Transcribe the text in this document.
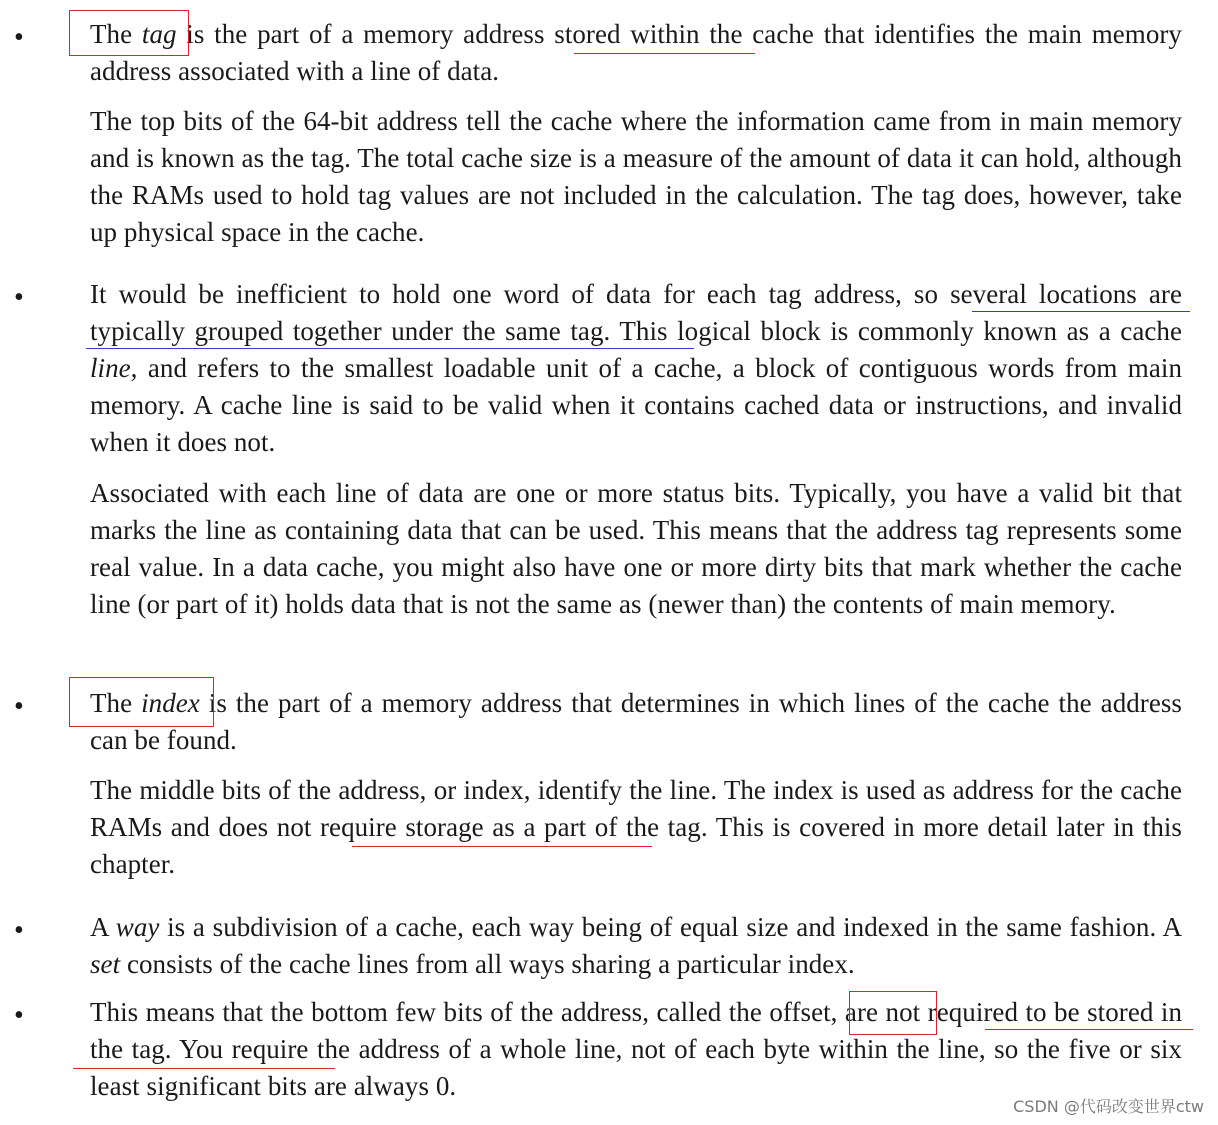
• The tag is the part of a memory address stored within the cache that identifies the main memory address associated with a line of data.

The top bits of the 64-bit address tell the cache where the information came from in main memory and is known as the tag. The total cache size is a measure of the amount of data it can hold, although the RAMs used to hold tag values are not included in the calculation. The tag does, however, take up physical space in the cache.

• It would be inefficient to hold one word of data for each tag address, so several locations are typically grouped together under the same tag. This logical block is commonly known as a cache line, and refers to the smallest loadable unit of a cache, a block of contiguous words from main memory. A cache line is said to be valid when it contains cached data or instructions, and invalid when it does not.

Associated with each line of data are one or more status bits. Typically, you have a valid bit that marks the line as containing data that can be used. This means that the address tag represents some real value. In a data cache, you might also have one or more dirty bits that mark whether the cache line (or part of it) holds data that is not the same as (newer than) the contents of main memory.

• The index is the part of a memory address that determines in which lines of the cache the address can be found.

The middle bits of the address, or index, identify the line. The index is used as address for the cache RAMs and does not require storage as a part of the tag. This is covered in more detail later in this chapter.

• A way is a subdivision of a cache, each way being of equal size and indexed in the same fashion. A set consists of the cache lines from all ways sharing a particular index.

• This means that the bottom few bits of the address, called the offset, are not required to be stored in the tag. You require the address of a whole line, not of each byte within the line, so the five or six least significant bits are always 0.

CSDN @代码改变世界ctw
